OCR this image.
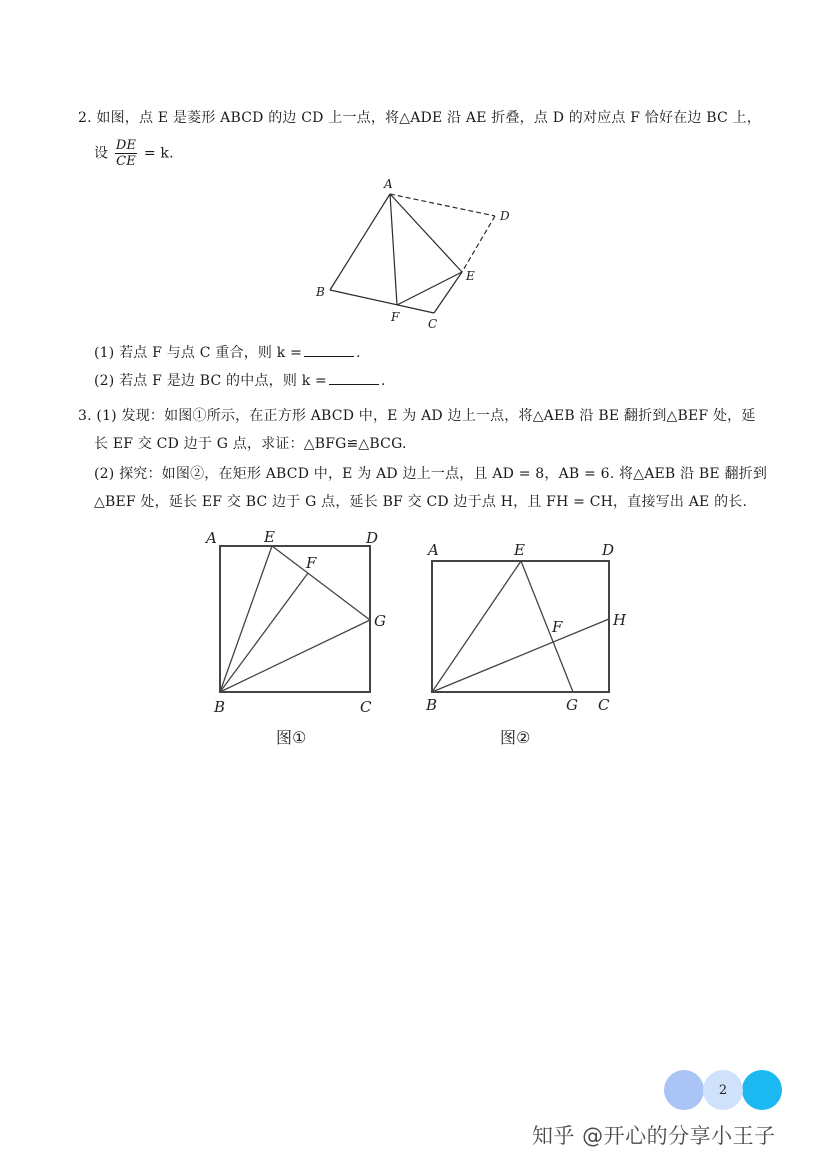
2. 如图，点 E 是菱形 ABCD 的边 CD 上一点，将△ADE 沿 AE 折叠，点 D 的对应点 F 恰好在边 BC 上，
设 $\frac{DE}{CE} = k$.
A
B
C
D
E
F
(1) 若点 F 与点 C 重合，则 k =	.
(2) 若点 F 是边 BC 的中点，则 k =	.
3. (1) 发现：如图①所示，在正方形 ABCD 中，E 为 AD 边上一点，将△AEB 沿 BE 翻折到△BEF 处，延
长 EF 交 CD 边于 G 点，求证：△BFG≌△BCG.
(2) 探究：如图②，在矩形 ABCD 中，E 为 AD 边上一点，且 AD = 8，AB = 6. 将△AEB 沿 BE 翻折到
△BEF 处，延长 EF 交 BC 边于 G 点，延长 BF 交 CD 边于点 H，且 FH = CH，直接写出 AE 的长.
A	E	D
F
G
B	C
图①
A	E	D
F	H
B	G C
图②
2
知乎 @开心的分享小王子
